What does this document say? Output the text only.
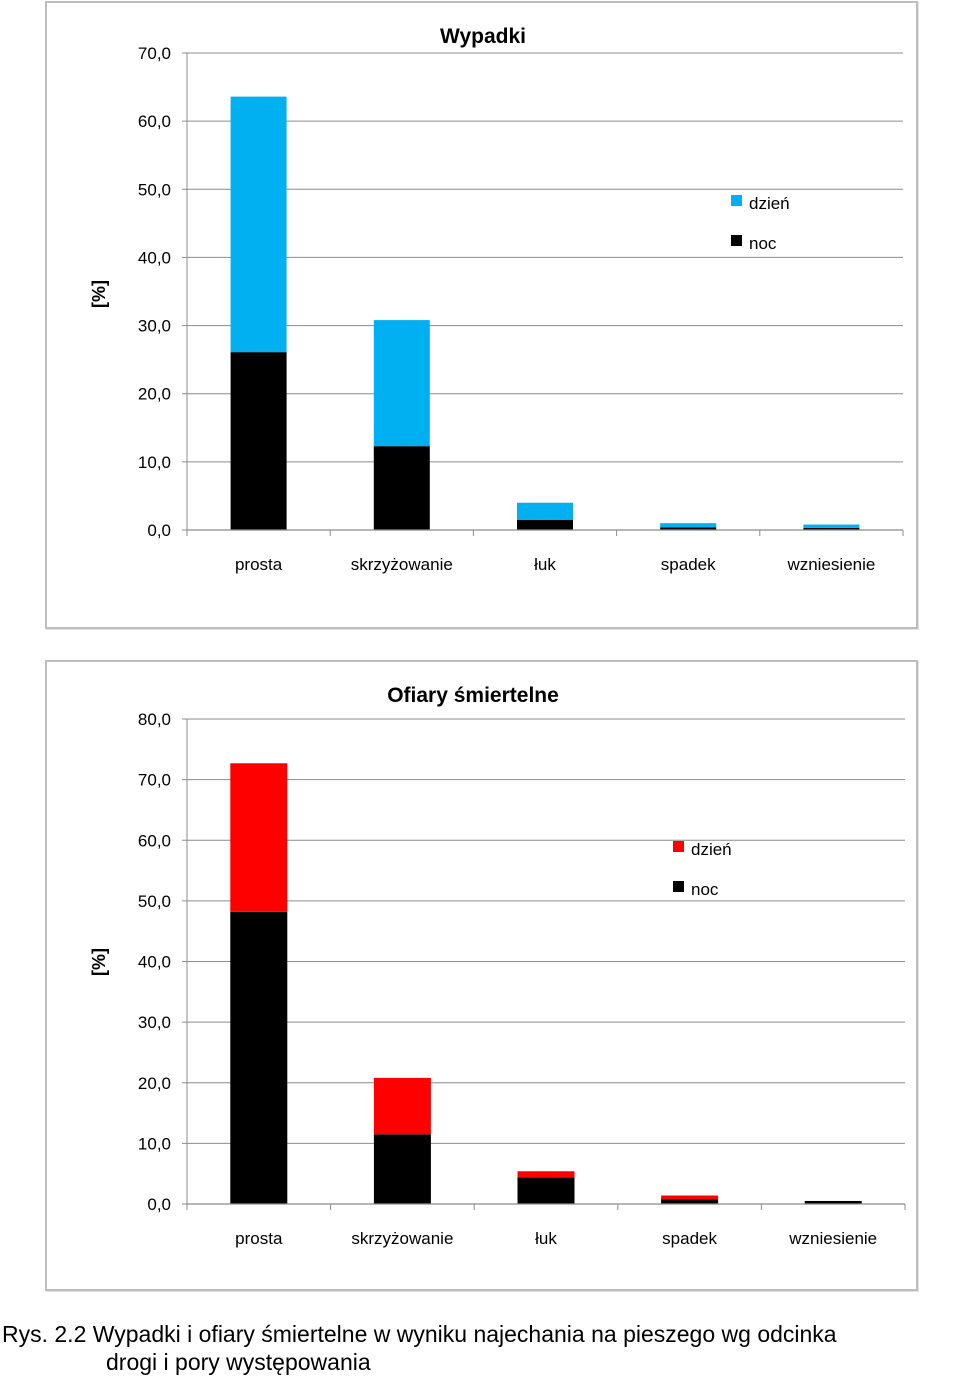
0,0
10,0
20,0
30,0
40,0
50,0
60,0
70,0
prosta	skrzyżowanie	łuk	spadek	wzniesienie
Wypadki
[%]
dzień
noc
0,0
10,0
20,0
30,0
40,0
50,0
60,0
70,0
80,0
prosta	skrzyżowanie	łuk	spadek	wzniesienie
Ofiary śmiertelne
[%]
dzień
noc
Rys. 2.2 Wypadki i ofiary śmiertelne w wyniku najechania na pieszego wg odcinka
drogi i pory występowania
